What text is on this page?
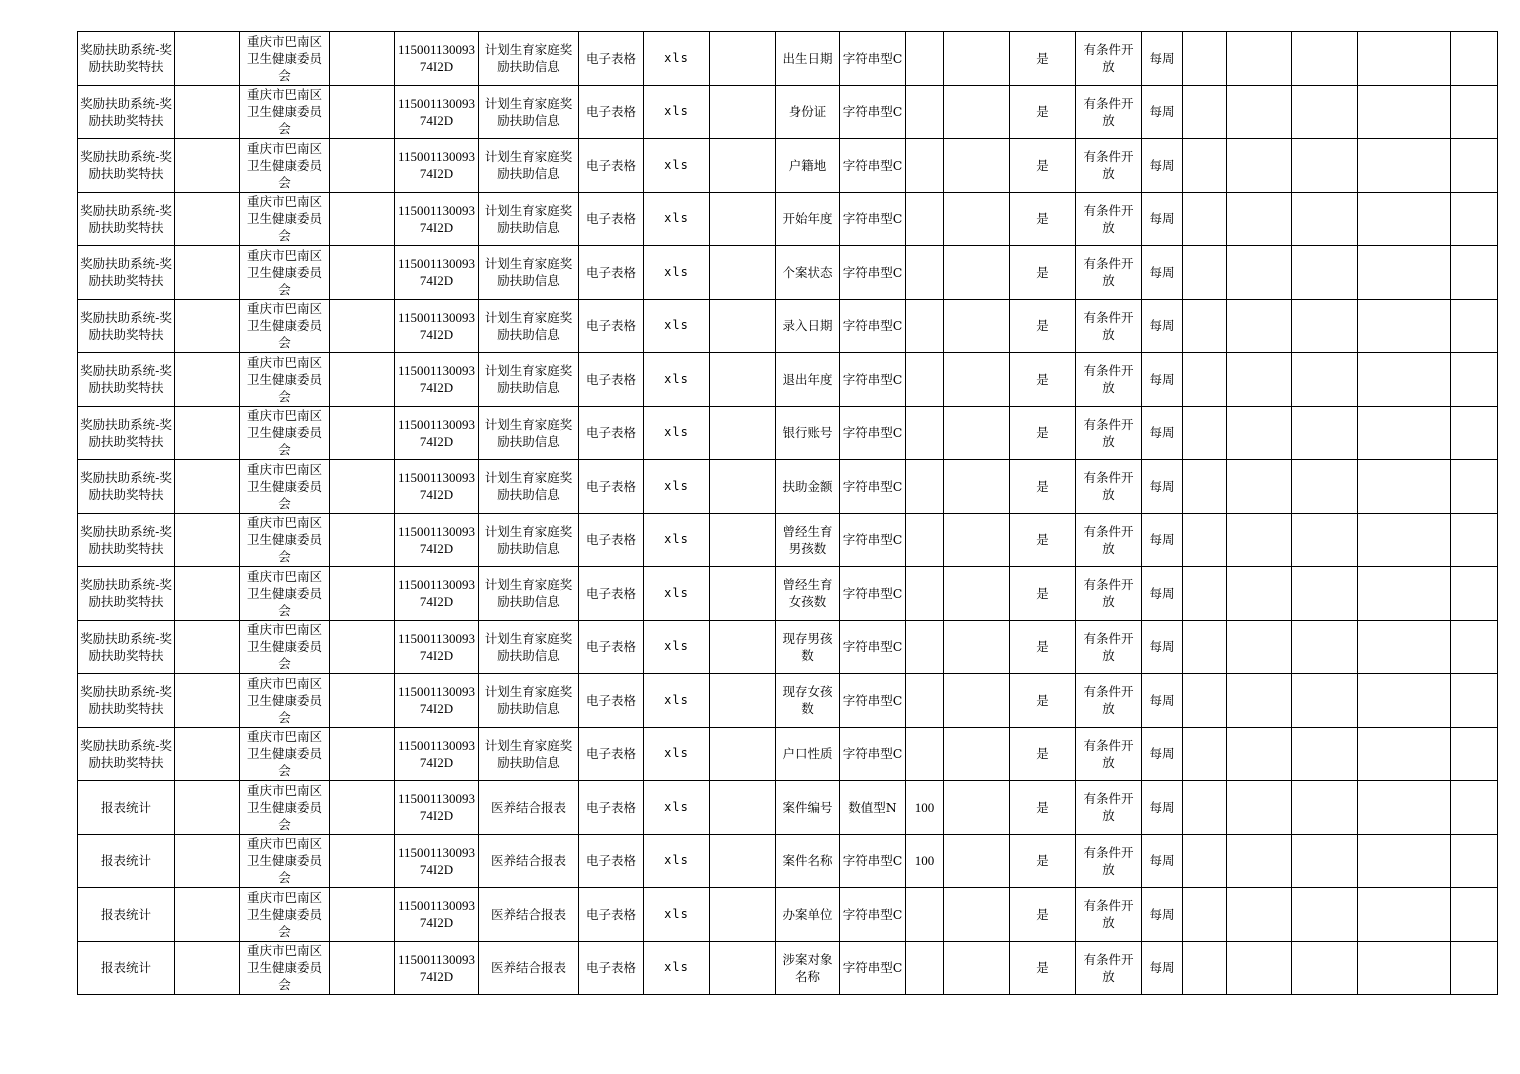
奖励扶助系统-奖励扶助奖特扶		重庆市巴南区卫生健康委员会		11500113009374I2D	计划生育家庭奖励扶助信息	电子表格	xls		出生日期	字符串型C			是	有条件开放	每周					
奖励扶助系统-奖励扶助奖特扶		重庆市巴南区卫生健康委员会		11500113009374I2D	计划生育家庭奖励扶助信息	电子表格	xls		身份证	字符串型C			是	有条件开放	每周					
奖励扶助系统-奖励扶助奖特扶		重庆市巴南区卫生健康委员会		11500113009374I2D	计划生育家庭奖励扶助信息	电子表格	xls		户籍地	字符串型C			是	有条件开放	每周					
奖励扶助系统-奖励扶助奖特扶		重庆市巴南区卫生健康委员会		11500113009374I2D	计划生育家庭奖励扶助信息	电子表格	xls		开始年度	字符串型C			是	有条件开放	每周					
奖励扶助系统-奖励扶助奖特扶		重庆市巴南区卫生健康委员会		11500113009374I2D	计划生育家庭奖励扶助信息	电子表格	xls		个案状态	字符串型C			是	有条件开放	每周					
奖励扶助系统-奖励扶助奖特扶		重庆市巴南区卫生健康委员会		11500113009374I2D	计划生育家庭奖励扶助信息	电子表格	xls		录入日期	字符串型C			是	有条件开放	每周					
奖励扶助系统-奖励扶助奖特扶		重庆市巴南区卫生健康委员会		11500113009374I2D	计划生育家庭奖励扶助信息	电子表格	xls		退出年度	字符串型C			是	有条件开放	每周					
奖励扶助系统-奖励扶助奖特扶		重庆市巴南区卫生健康委员会		11500113009374I2D	计划生育家庭奖励扶助信息	电子表格	xls		银行账号	字符串型C			是	有条件开放	每周					
奖励扶助系统-奖励扶助奖特扶		重庆市巴南区卫生健康委员会		11500113009374I2D	计划生育家庭奖励扶助信息	电子表格	xls		扶助金额	字符串型C			是	有条件开放	每周					
奖励扶助系统-奖励扶助奖特扶		重庆市巴南区卫生健康委员会		11500113009374I2D	计划生育家庭奖励扶助信息	电子表格	xls		曾经生育男孩数	字符串型C			是	有条件开放	每周					
奖励扶助系统-奖励扶助奖特扶		重庆市巴南区卫生健康委员会		11500113009374I2D	计划生育家庭奖励扶助信息	电子表格	xls		曾经生育女孩数	字符串型C			是	有条件开放	每周					
奖励扶助系统-奖励扶助奖特扶		重庆市巴南区卫生健康委员会		11500113009374I2D	计划生育家庭奖励扶助信息	电子表格	xls		现存男孩数	字符串型C			是	有条件开放	每周					
奖励扶助系统-奖励扶助奖特扶		重庆市巴南区卫生健康委员会		11500113009374I2D	计划生育家庭奖励扶助信息	电子表格	xls		现存女孩数	字符串型C			是	有条件开放	每周					
奖励扶助系统-奖励扶助奖特扶		重庆市巴南区卫生健康委员会		11500113009374I2D	计划生育家庭奖励扶助信息	电子表格	xls		户口性质	字符串型C			是	有条件开放	每周					
报表统计		重庆市巴南区卫生健康委员会		11500113009374I2D	医养结合报表	电子表格	xls		案件编号	数值型N	100		是	有条件开放	每周					
报表统计		重庆市巴南区卫生健康委员会		11500113009374I2D	医养结合报表	电子表格	xls		案件名称	字符串型C	100		是	有条件开放	每周					
报表统计		重庆市巴南区卫生健康委员会		11500113009374I2D	医养结合报表	电子表格	xls		办案单位	字符串型C			是	有条件开放	每周					
报表统计		重庆市巴南区卫生健康委员会		11500113009374I2D	医养结合报表	电子表格	xls		涉案对象名称	字符串型C			是	有条件开放	每周					
